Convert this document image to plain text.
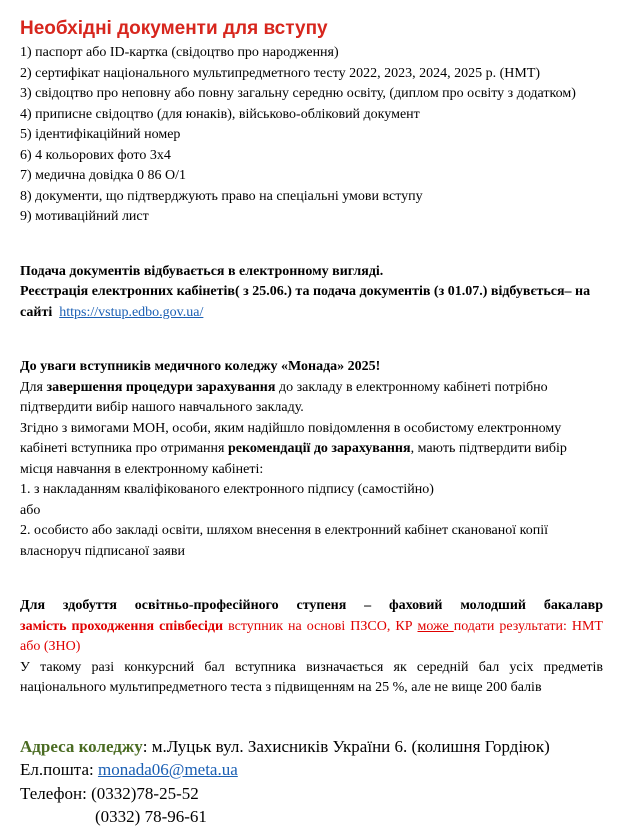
Необхідні документи для вступу
1) паспорт або ID-картка (свідоцтво про народження)
2) сертифікат національного мультипредметного тесту 2022, 2023, 2024, 2025 р. (НМТ)
3) свідоцтво про неповну або повну загальну середню освіту, (диплом про освіту з додатком)
4) приписне свідоцтво (для юнаків), військово-обліковий документ
5) ідентифікаційний номер
6) 4 кольорових фото 3х4
7) медична довідка 0 86 О/1
8) документи, що підтверджують право на спеціальні умови вступу
9) мотиваційний лист

Подача документів відбувається в електронному вигляді.

Реєстрація електронних кабінетів( з 25.06.) та подача документів (з 01.07.) відбувється– на сайті https://vstup.edbo.gov.ua/

До уваги вступників медичного коледжу «Монада» 2025!

Для завершення процедури зарахування до закладу в електронному кабінеті потрібно підтвердити вибір нашого навчального закладу.

Згідно з вимогами МОН, особи, яким надійшло повідомлення в особистому електронному кабінеті вступника про отримання рекомендації до зарахування, мають підтвердити вибір місця навчання в електронному кабінеті:

1. з накладанням кваліфікованого електронного підпису (самостійно)

або

2. особисто або закладі освіти, шляхом внесення в електронний кабінет сканованої копії власноруч підписаної заяви

Для здобуття освітньо-професійного ступеня – фаховий молодший бакалавр

замість проходження співбесіди вступник на основі ПЗСО, КР може подати результати: НМТ або (ЗНО)

У такому разі конкурсний бал вступника визначається як середній бал усіх предметів національного мультипредметного теста з підвищенням на 25 %, але не вище 200 балів

Адреса коледжу: м.Луцьк вул. Захисників України 6. (колишня Гордіюк)

Ел.пошта: monada06@meta.ua

Телефон: (0332)78-25-52

(0332) 78-96-61
